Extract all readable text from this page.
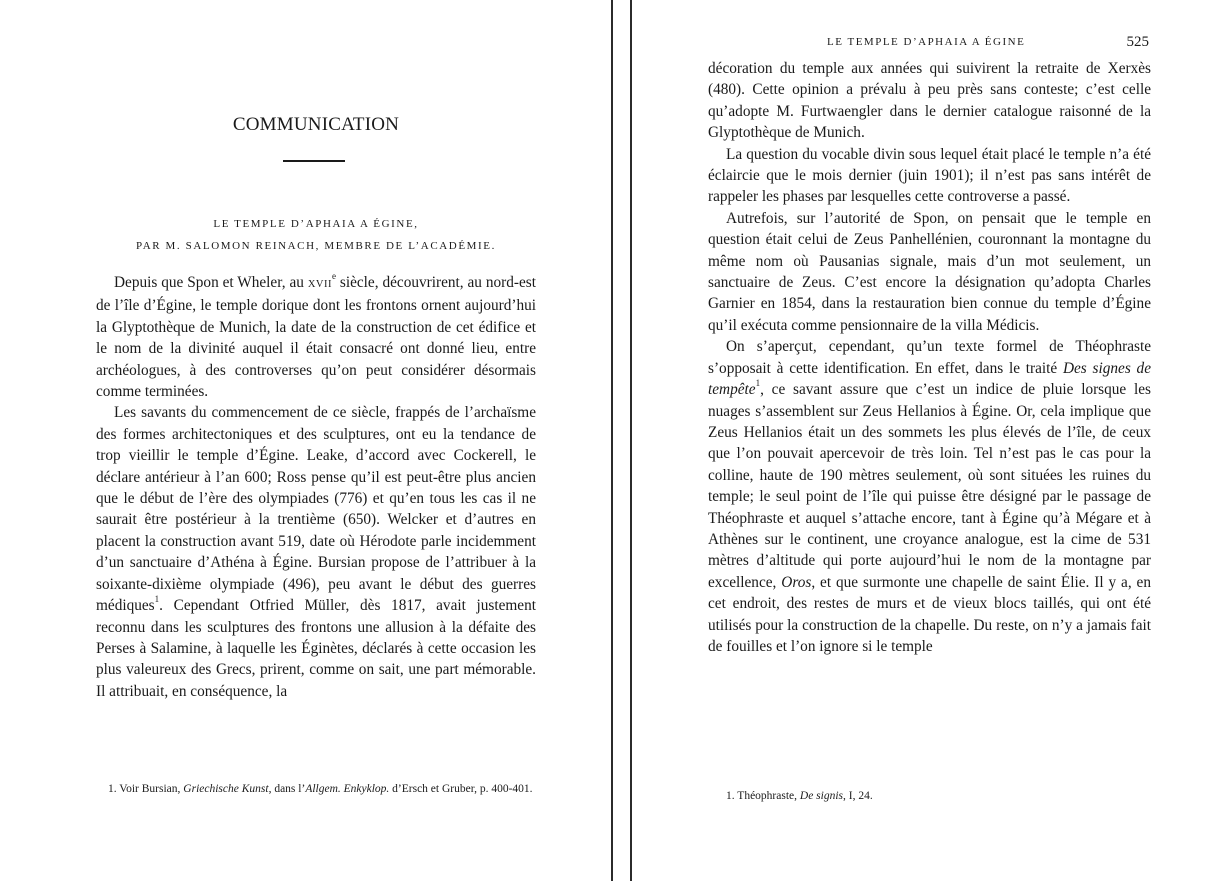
COMMUNICATION
LE TEMPLE D’APHAIA A ÉGINE,
PAR M. SALOMON REINACH, MEMBRE DE L’ACADÉMIE.

Depuis que Spon et Wheler, au XVIIe siècle, découvrirent, au nord-est de l’île d’Égine, le temple dorique dont les frontons ornent aujourd’hui la Glyptothèque de Munich, la date de la construction de cet édifice et le nom de la divinité auquel il était consacré ont donné lieu, entre archéologues, à des controverses qu’on peut considérer désormais comme terminées.

Les savants du commencement de ce siècle, frappés de l’archaïsme des formes architectoniques et des sculptures, ont eu la tendance de trop vieillir le temple d’Égine. Leake, d’accord avec Cockerell, le déclare antérieur à l’an 600; Ross pense qu’il est peut-être plus ancien que le début de l’ère des olympiades (776) et qu’en tous les cas il ne saurait être postérieur à la trentième (650). Welcker et d’autres en placent la construction avant 519, date où Hérodote parle incidemment d’un sanctuaire d’Athéna à Égine. Bursian propose de l’attribuer à la soixante-dixième olympiade (496), peu avant le début des guerres médiques$^1$. Cependant Otfried Müller, dès 1817, avait justement reconnu dans les sculptures des frontons une allusion à la défaite des Perses à Salamine, à laquelle les Éginètes, déclarés à cette occasion les plus valeureux des Grecs, prirent, comme on sait, une part mémorable. Il attribuait, en conséquence, la

1. Voir Bursian, Griechische Kunst, dans l’Allgem. Enkyklop. d’Ersch et Gruber, p. 400-401.
LE TEMPLE D’APHAIA A ÉGINE	525

décoration du temple aux années qui suivirent la retraite de Xerxès (480). Cette opinion a prévalu à peu près sans conteste; c’est celle qu’adopte M. Furtwaengler dans le dernier catalogue raisonné de la Glyptothèque de Munich.

La question du vocable divin sous lequel était placé le temple n’a été éclaircie que le mois dernier (juin 1901); il n’est pas sans intérêt de rappeler les phases par lesquelles cette controverse a passé.

Autrefois, sur l’autorité de Spon, on pensait que le temple en question était celui de Zeus Panhellénien, couronnant la montagne du même nom où Pausanias signale, mais d’un mot seulement, un sanctuaire de Zeus. C’est encore la désignation qu’adopta Charles Garnier en 1854, dans la restauration bien connue du temple d’Égine qu’il exécuta comme pensionnaire de la villa Médicis.

On s’aperçut, cependant, qu’un texte formel de Théophraste s’opposait à cette identification. En effet, dans le traité Des signes de tempête$^1$, ce savant assure que c’est un indice de pluie lorsque les nuages s’assemblent sur Zeus Hellanios à Égine. Or, cela implique que Zeus Hellanios était un des sommets les plus élevés de l’île, de ceux que l’on pouvait apercevoir de très loin. Tel n’est pas le cas pour la colline, haute de 190 mètres seulement, où sont situées les ruines du temple; le seul point de l’île qui puisse être désigné par le passage de Théophraste et auquel s’attache encore, tant à Égine qu’à Mégare et à Athènes sur le continent, une croyance analogue, est la cime de 531 mètres d’altitude qui porte aujourd’hui le nom de la montagne par excellence, Oros, et que surmonte une chapelle de saint Élie. Il y a, en cet endroit, des restes de murs et de vieux blocs taillés, qui ont été utilisés pour la construction de la chapelle. Du reste, on n’y a jamais fait de fouilles et l’on ignore si le temple

1. Théophraste, De signis, I, 24.
